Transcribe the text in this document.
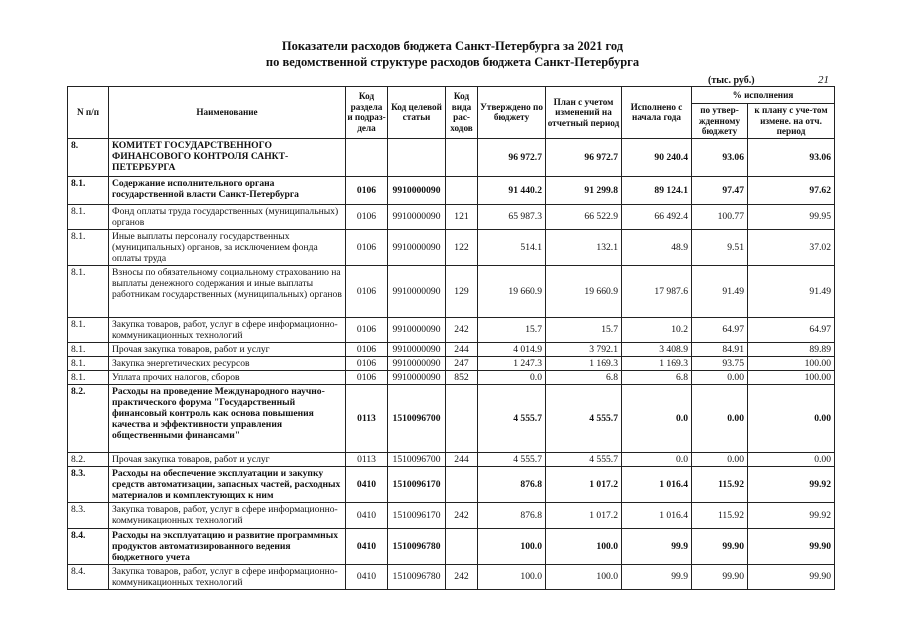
Показатели расходов бюджета Санкт-Петербурга за 2021 год
по ведомственной структуре расходов бюджета Санкт-Петербурга
(тыс. руб.)	21
N п/п	Наименование	Код раздела и подраз-дела	Код целевой статьи	Код вида рас-ходов	Утверждено по бюджету	План с учетом изменений на отчетный период	Исполнено с начала года	% исполнения	
								по утвер-жденному бюджету	к плану с уче-том измене. на отч. период
8.	КОМИТЕТ ГОСУДАРСТВЕННОГО ФИНАНСОВОГО КОНТРОЛЯ САНКТ-ПЕТЕРБУРГА				96 972.7	96 972.7	90 240.4	93.06	93.06
8.1.	Содержание исполнительного органа государственной власти Санкт-Петербурга	0106	9910000090		91 440.2	91 299.8	89 124.1	97.47	97.62
8.1.	Фонд оплаты труда государственных (муниципальных) органов	0106	9910000090	121	65 987.3	66 522.9	66 492.4	100.77	99.95
8.1.	Иные выплаты персоналу государственных (муниципальных) органов, за исключением фонда оплаты труда	0106	9910000090	122	514.1	132.1	48.9	9.51	37.02
8.1.	Взносы по обязательному социальному страхованию на выплаты денежного содержания и иные выплаты работникам государственных (муниципальных) органов	0106	9910000090	129	19 660.9	19 660.9	17 987.6	91.49	91.49
8.1.	Закупка товаров, работ, услуг в сфере информационно-коммуникационных технологий	0106	9910000090	242	15.7	15.7	10.2	64.97	64.97
8.1.	Прочая закупка товаров, работ и услуг	0106	9910000090	244	4 014.9	3 792.1	3 408.9	84.91	89.89
8.1.	Закупка энергетических ресурсов	0106	9910000090	247	1 247.3	1 169.3	1 169.3	93.75	100.00
8.1.	Уплата прочих налогов, сборов	0106	9910000090	852	0.0	6.8	6.8	0.00	100.00
8.2.	Расходы на проведение Международного научно-практического форума "Государственный финансовый контроль как основа повышения качества и эффективности управления общественными финансами"	0113	1510096700		4 555.7	4 555.7	0.0	0.00	0.00
8.2.	Прочая закупка товаров, работ и услуг	0113	1510096700	244	4 555.7	4 555.7	0.0	0.00	0.00
8.3.	Расходы на обеспечение эксплуатации и закупку средств автоматизации, запасных частей, расходных материалов и комплектующих к ним	0410	1510096170		876.8	1 017.2	1 016.4	115.92	99.92
8.3.	Закупка товаров, работ, услуг в сфере информационно-коммуникационных технологий	0410	1510096170	242	876.8	1 017.2	1 016.4	115.92	99.92
8.4.	Расходы на эксплуатацию и развитие программных продуктов автоматизированного ведения бюджетного учета	0410	1510096780		100.0	100.0	99.9	99.90	99.90
8.4.	Закупка товаров, работ, услуг в сфере информационно-коммуникационных технологий	0410	1510096780	242	100.0	100.0	99.9	99.90	99.90
